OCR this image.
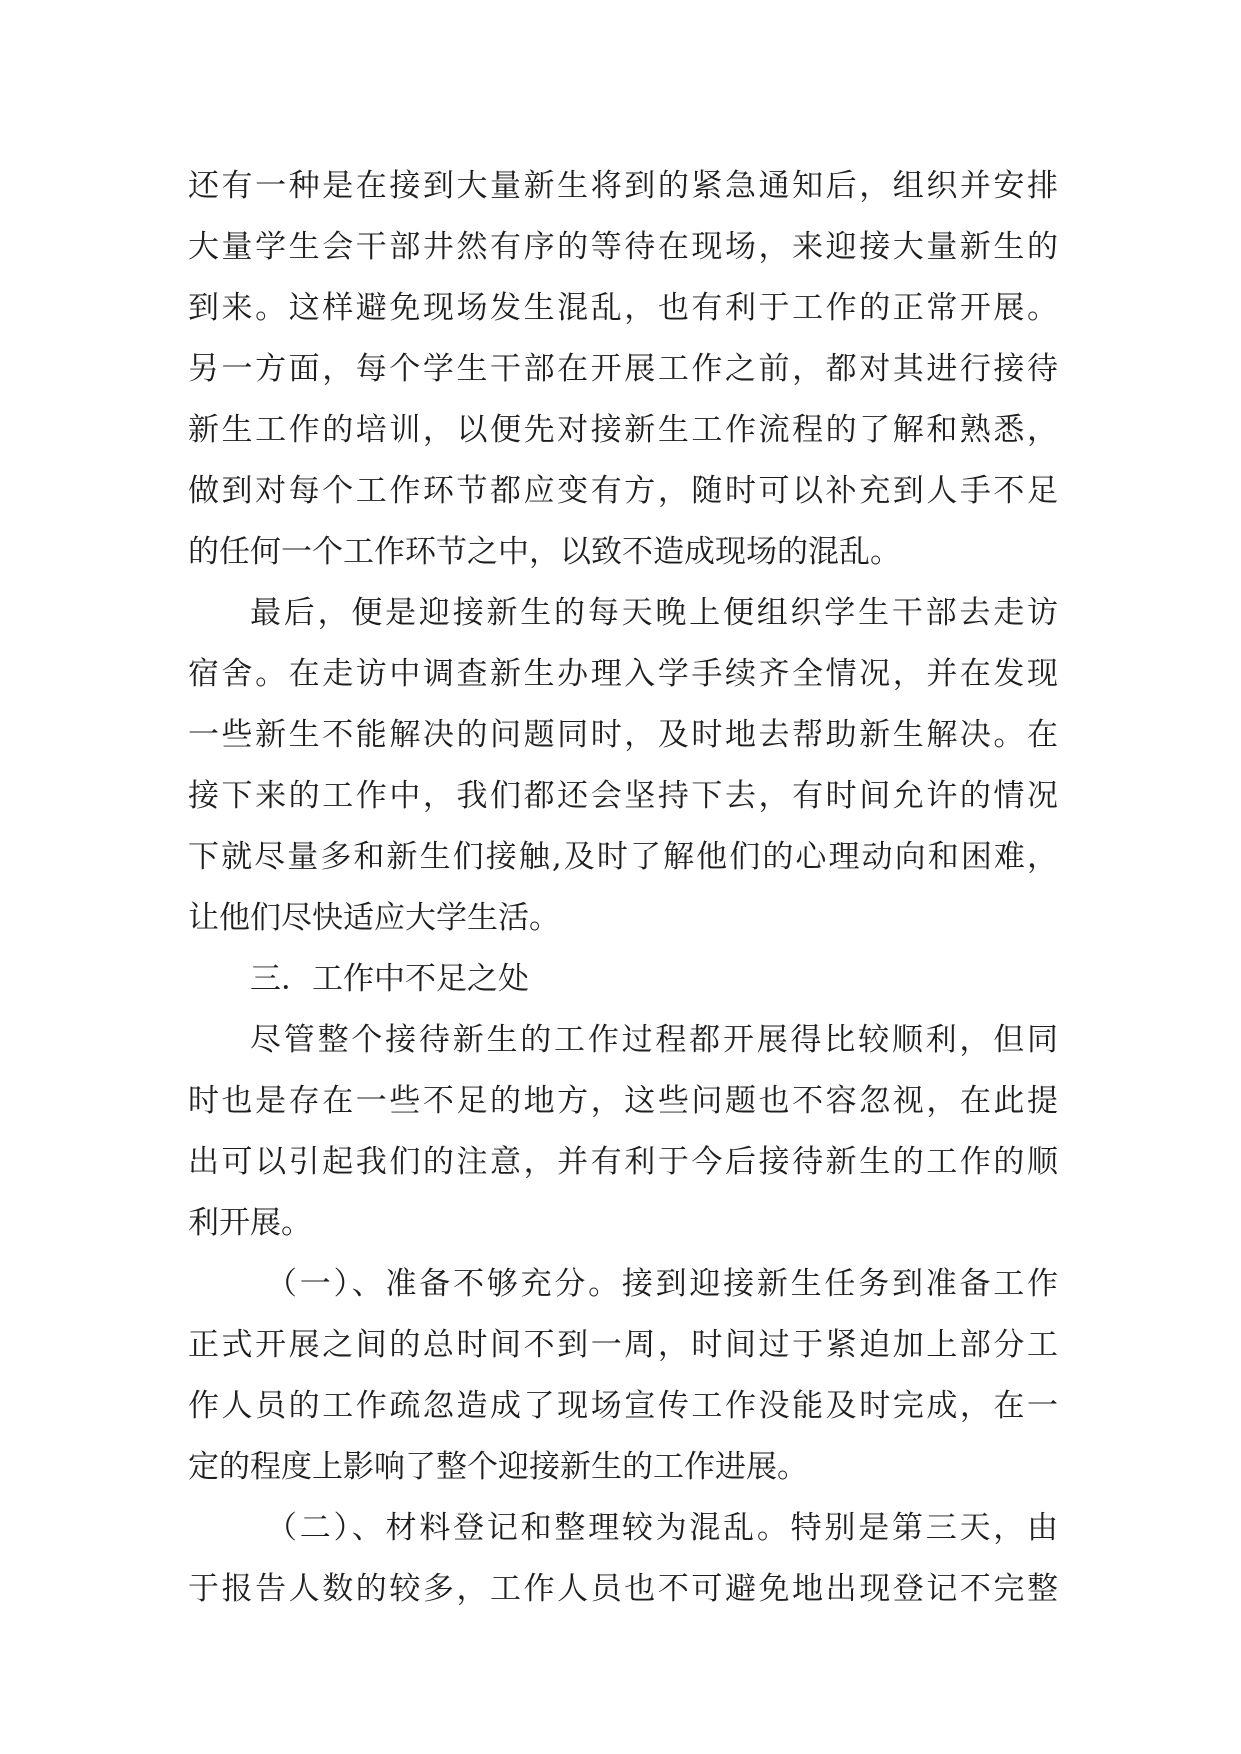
还有一种是在接到大量新生将到的紧急通知后，组织并安排
大量学生会干部井然有序的等待在现场，来迎接大量新生的
到来。这样避免现场发生混乱，也有利于工作的正常开展。
另一方面，每个学生干部在开展工作之前，都对其进行接待
新生工作的培训，以便先对接新生工作流程的了解和熟悉，
做到对每个工作环节都应变有方，随时可以补充到人手不足
的任何一个工作环节之中，以致不造成现场的混乱。
最后，便是迎接新生的每天晚上便组织学生干部去走访
宿舍。在走访中调查新生办理入学手续齐全情况，并在发现
一些新生不能解决的问题同时，及时地去帮助新生解决。在
接下来的工作中，我们都还会坚持下去，有时间允许的情况
下就尽量多和新生们接触,及时了解他们的心理动向和困难，
让他们尽快适应大学生活。
三．工作中不足之处
尽管整个接待新生的工作过程都开展得比较顺利，但同
时也是存在一些不足的地方，这些问题也不容忽视，在此提
出可以引起我们的注意，并有利于今后接待新生的工作的顺
利开展。
（一）、准备不够充分。接到迎接新生任务到准备工作
正式开展之间的总时间不到一周，时间过于紧迫加上部分工
作人员的工作疏忽造成了现场宣传工作没能及时完成，在一
定的程度上影响了整个迎接新生的工作进展。
（二）、材料登记和整理较为混乱。特别是第三天，由
于报告人数的较多，工作人员也不可避免地出现登记不完整
